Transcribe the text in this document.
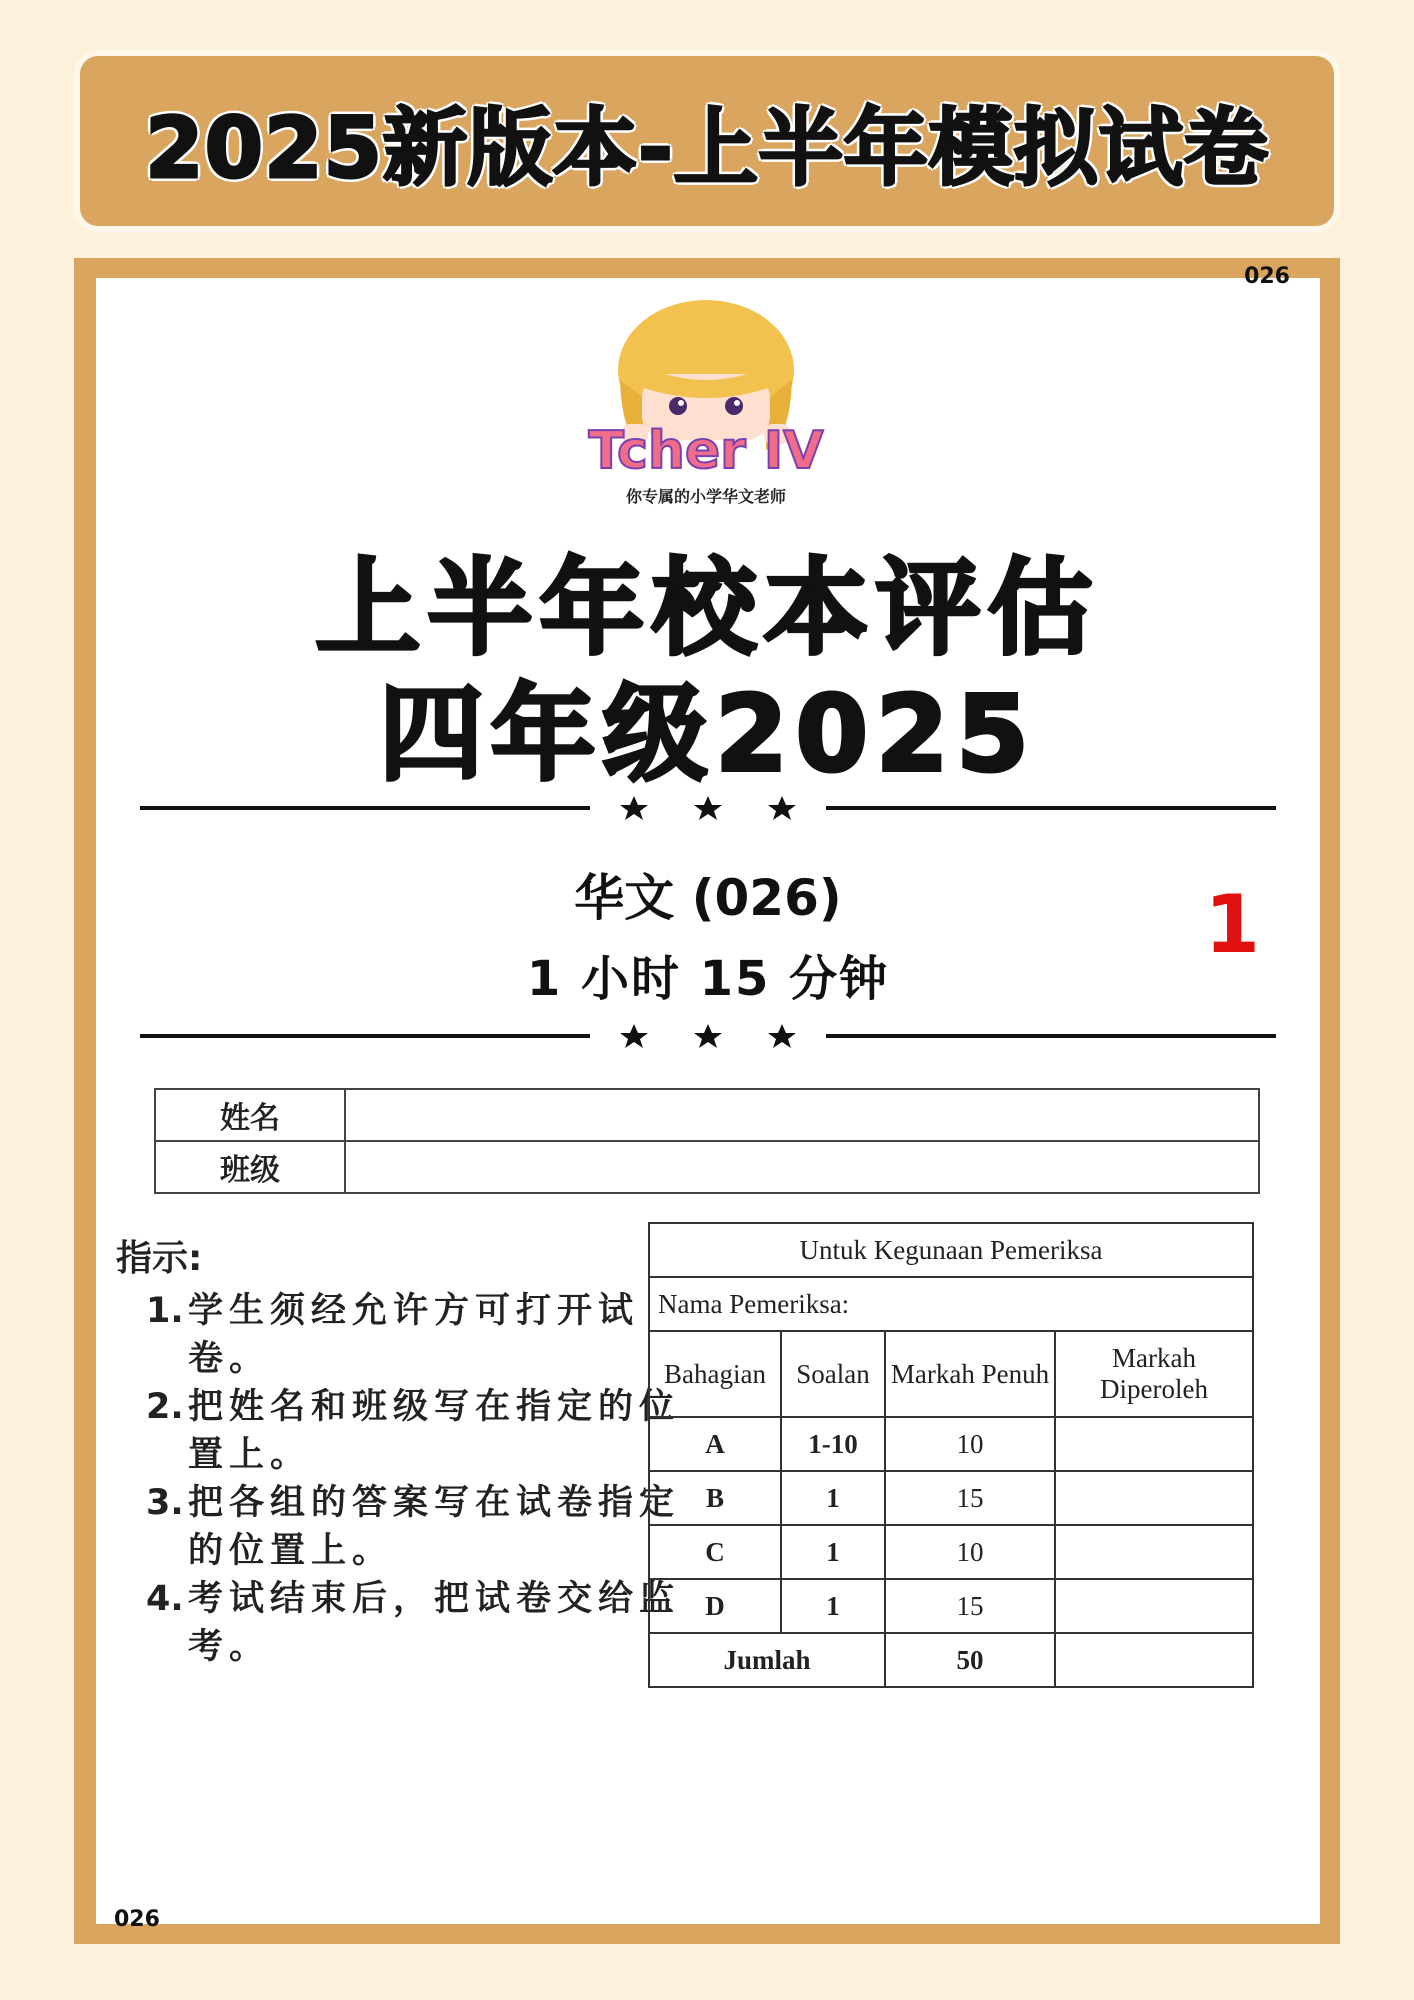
2025新版本-上半年模拟试卷
026
Tcher IV
你专属的小学华文老师
上半年校本评估
四年级2025
华文 (026)
1 小时 15 分钟
1
姓名	
班级	
指示:
1. 学生须经允许方可打开试卷。
2. 把姓名和班级写在指定的位置上。
3. 把各组的答案写在试卷指定的位置上。
4. 考试结束后，把试卷交给监考。
Untuk Kegunaan Pemeriksa			
Nama Pemeriksa:			
Bahagian	Soalan	Markah Penuh	Markah Diperoleh
A	1-10	10	
B	1	15	
C	1	10	
D	1	15	
Jumlah		50	
026
